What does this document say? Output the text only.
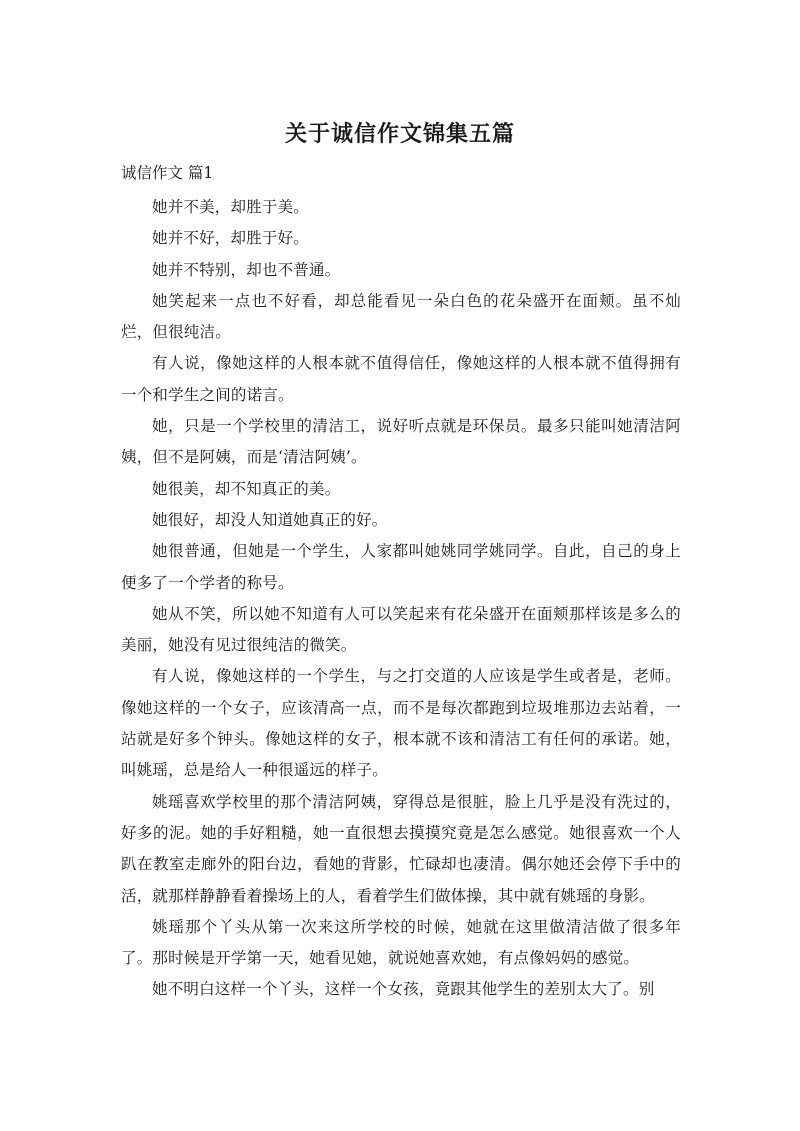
关于诚信作文锦集五篇
诚信作文 篇1

她并不美，却胜于美。

她并不好，却胜于好。

她并不特别，却也不普通。

她笑起来一点也不好看，却总能看见一朵白色的花朵盛开在面颊。虽不灿烂，但很纯洁。

有人说，像她这样的人根本就不值得信任，像她这样的人根本就不值得拥有一个和学生之间的诺言。

她，只是一个学校里的清洁工，说好听点就是环保员。最多只能叫她清洁阿姨，但不是阿姨，而是‘清洁阿姨’。

她很美，却不知真正的美。

她很好，却没人知道她真正的好。

她很普通，但她是一个学生，人家都叫她姚同学姚同学。自此，自己的身上便多了一个学者的称号。

她从不笑，所以她不知道有人可以笑起来有花朵盛开在面颊那样该是多么的美丽，她没有见过很纯洁的微笑。

有人说，像她这样的一个学生，与之打交道的人应该是学生或者是，老师。像她这样的一个女子，应该清高一点，而不是每次都跑到垃圾堆那边去站着，一站就是好多个钟头。像她这样的女子，根本就不该和清洁工有任何的承诺。她，叫姚瑶，总是给人一种很遥远的样子。

姚瑶喜欢学校里的那个清洁阿姨，穿得总是很脏，脸上几乎是没有洗过的，好多的泥。她的手好粗糙，她一直很想去摸摸究竟是怎么感觉。她很喜欢一个人趴在教室走廊外的阳台边，看她的背影，忙碌却也凄清。偶尔她还会停下手中的活，就那样静静看着操场上的人，看着学生们做体操，其中就有姚瑶的身影。

姚瑶那个丫头从第一次来这所学校的时候，她就在这里做清洁做了很多年了。那时候是开学第一天，她看见她，就说她喜欢她，有点像妈妈的感觉。

她不明白这样一个丫头，这样一个女孩，竟跟其他学生的差别太大了。别
